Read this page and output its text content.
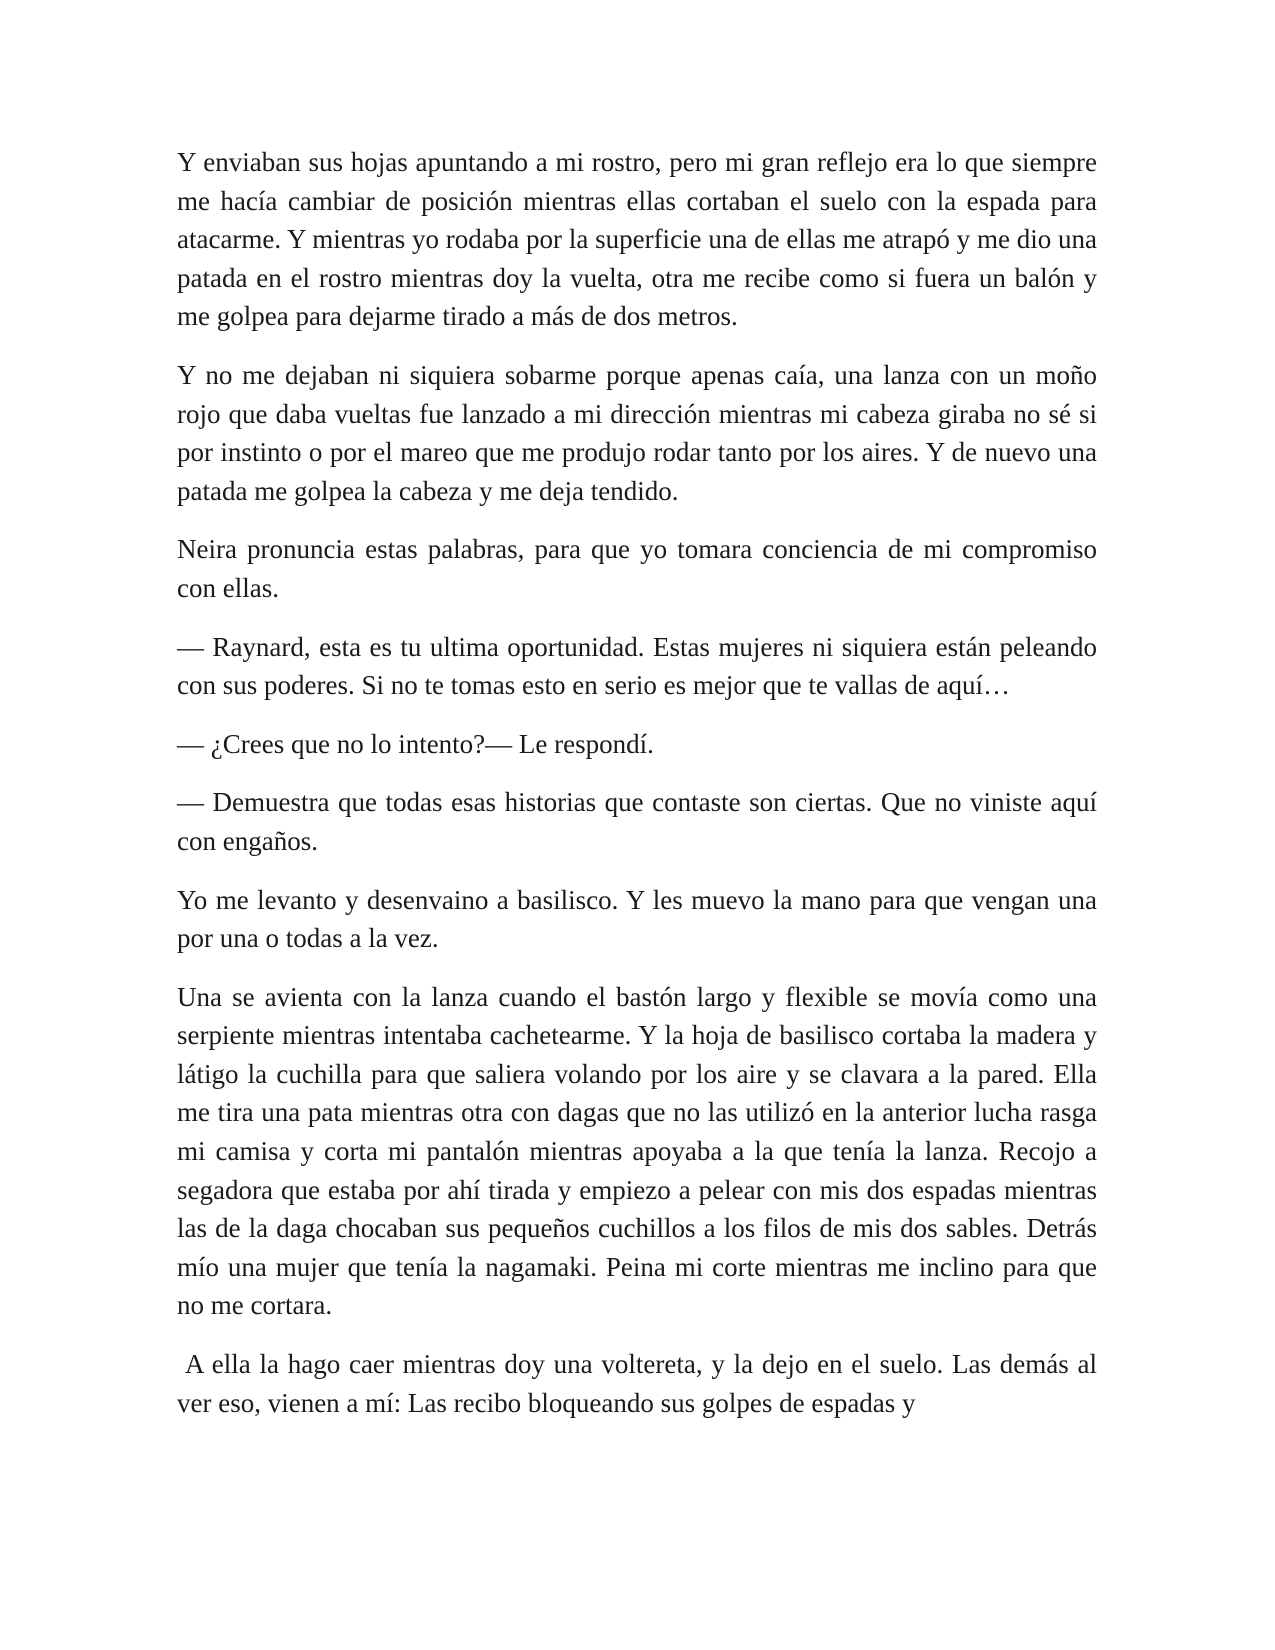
Y enviaban sus hojas apuntando a mi rostro, pero mi gran reflejo era lo que siempre me hacía cambiar de posición mientras ellas cortaban el suelo con la espada para atacarme. Y mientras yo rodaba por la superficie una de ellas me atrapó y me dio una patada en el rostro mientras doy la vuelta, otra me recibe como si fuera un balón y me golpea para dejarme tirado a más de dos metros.

Y no me dejaban ni siquiera sobarme porque apenas caía, una lanza con un moño rojo que daba vueltas fue lanzado a mi dirección mientras mi cabeza giraba no sé si por instinto o por el mareo que me produjo rodar tanto por los aires. Y de nuevo una patada me golpea la cabeza y me deja tendido.

Neira pronuncia estas palabras, para que yo tomara conciencia de mi compromiso con ellas.

— Raynard, esta es tu ultima oportunidad. Estas mujeres ni siquiera están peleando con sus poderes. Si no te tomas esto en serio es mejor que te vallas de aquí…

— ¿Crees que no lo intento?— Le respondí.

— Demuestra que todas esas historias que contaste son ciertas. Que no viniste aquí con engaños.

Yo me levanto y desenvaino a basilisco. Y les muevo la mano para que vengan una por una o todas a la vez.

Una se avienta con la lanza cuando el bastón largo y flexible se movía como una serpiente mientras intentaba cachetearme. Y la hoja de basilisco cortaba la madera y látigo la cuchilla para que saliera volando por los aire y se clavara a la pared. Ella me tira una pata mientras otra con dagas que no las utilizó en la anterior lucha rasga mi camisa y corta mi pantalón mientras apoyaba a la que tenía la lanza. Recojo a segadora que estaba por ahí tirada y empiezo a pelear con mis dos espadas mientras las de la daga chocaban sus pequeños cuchillos a los filos de mis dos sables. Detrás mío una mujer que tenía la nagamaki. Peina mi corte mientras me inclino para que no me cortara.

A ella la hago caer mientras doy una voltereta, y la dejo en el suelo. Las demás al ver eso, vienen a mí: Las recibo bloqueando sus golpes de espadas y
